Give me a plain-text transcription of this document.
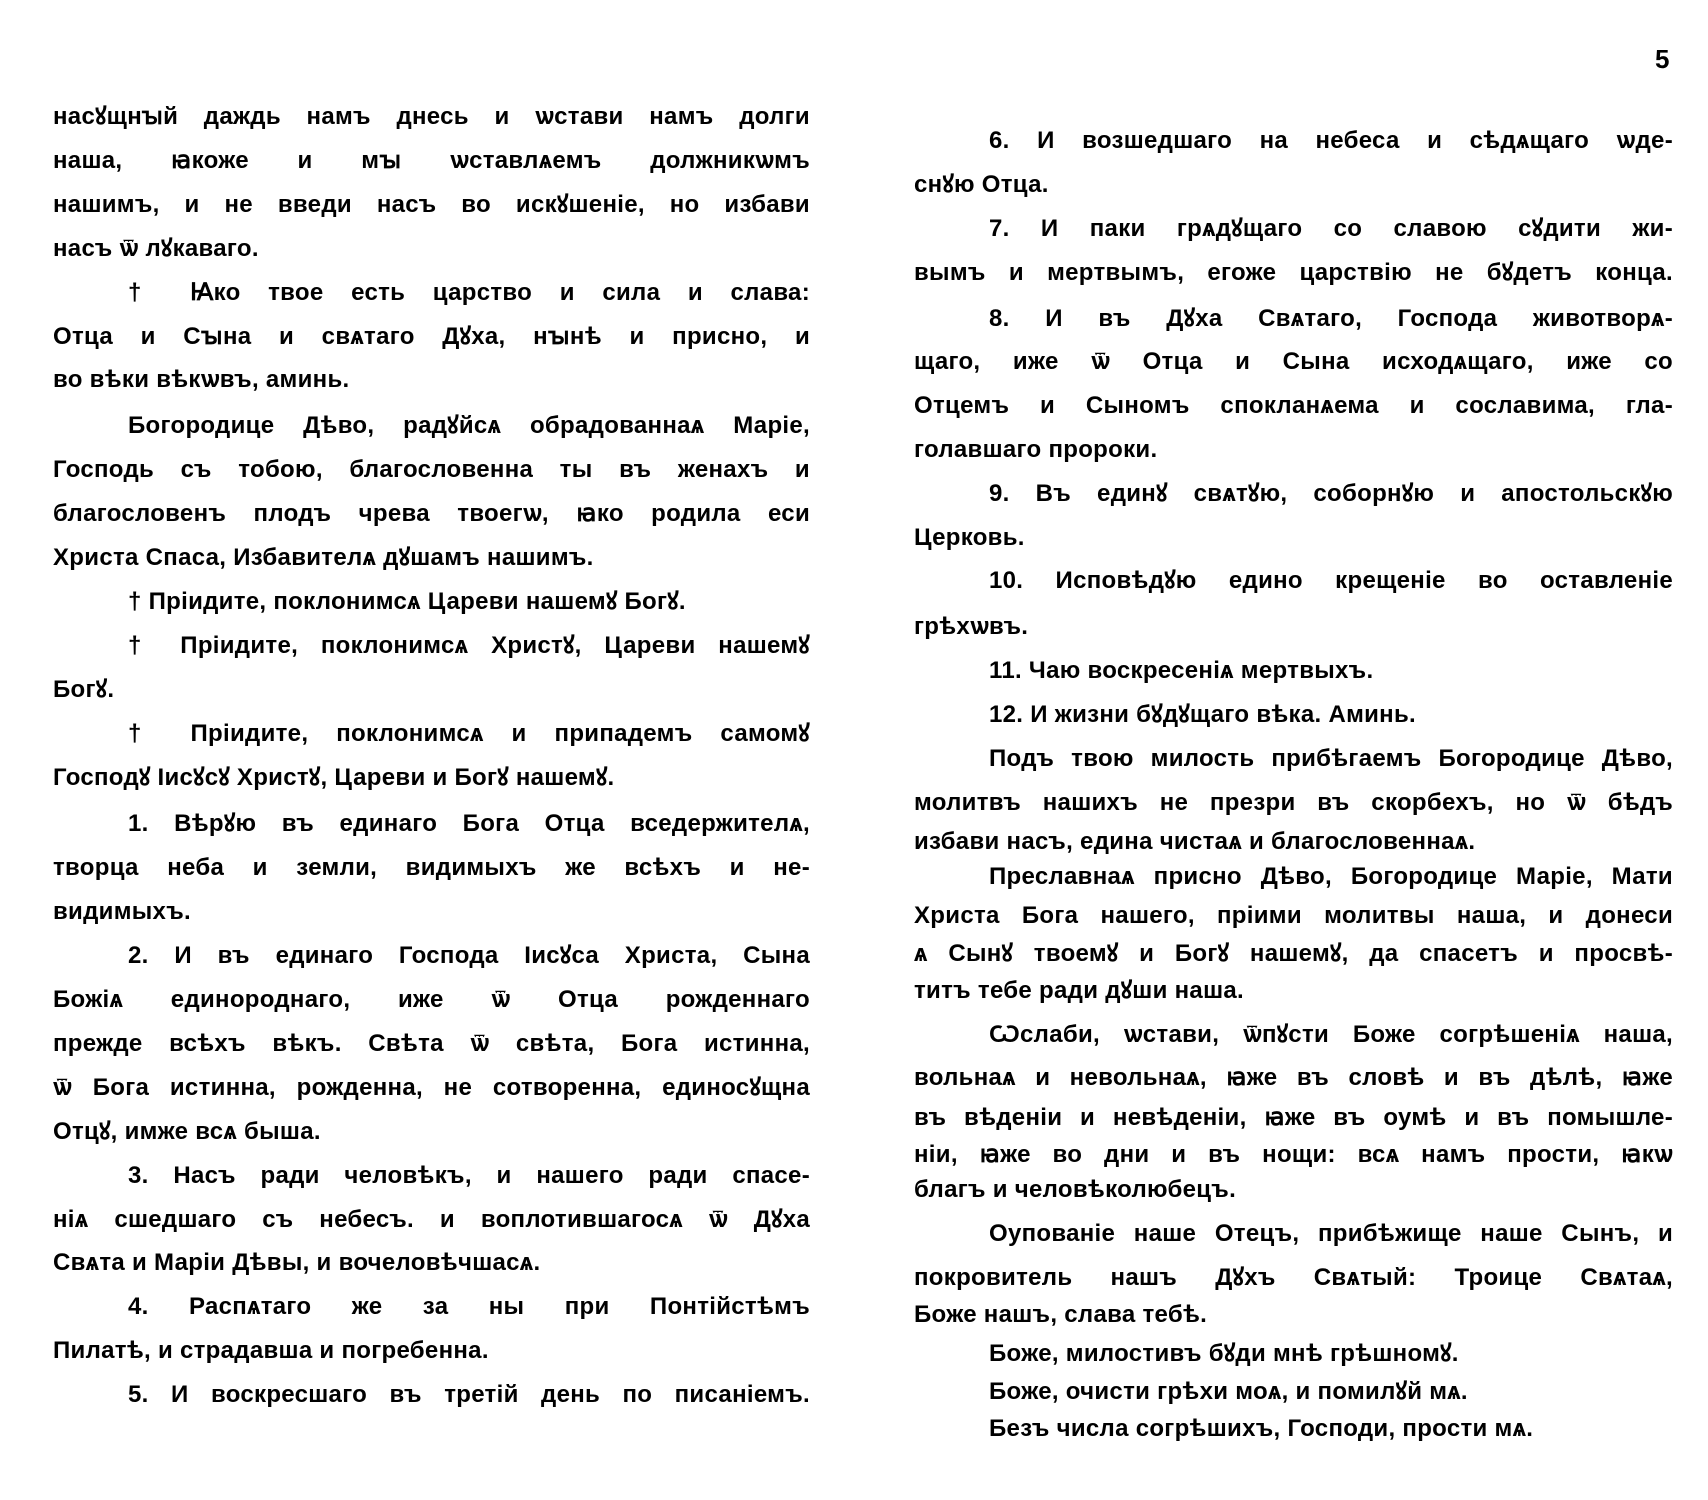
5
насꙋщнꙑй даждь намъ днесь и ѡстави намъ долги
наша, ꙗкоже и мꙑ ѡставлѧемъ должникѡмъ
нашимъ, и не введи насъ во искꙋшеніе, но избави
насъ ѿ лꙋкаваго.
† Ꙗко твое есть царство и сила и слава:
Отца и Сꙑна и свѧтаго Дꙋха, нꙑнѣ и присно, и
во вѣки вѣкѡвъ, аминь.
Богородице Дѣво, радꙋйсѧ обрадованнаѧ Маріе,
Господь съ тобою, благословенна ты въ женахъ и
благословенъ плодъ чрева твоегѡ, ꙗко родила еси
Христа Спаса, Избавителѧ дꙋшамъ нашимъ.
† Пріидите, поклонимсѧ Цареви нашемꙋ Богꙋ.
† Пріидите, поклонимсѧ Христꙋ, Цареви нашемꙋ
Богꙋ.
† Пріидите, поклонимсѧ и припадемъ самомꙋ
Господꙋ Іисꙋсꙋ Христꙋ, Цареви и Богꙋ нашемꙋ.
1. Вѣрꙋю въ единаго Бога Отца вседержителѧ,
творца неба и земли, видимыхъ же всѣхъ и не-
видимыхъ.
2. И въ единаго Господа Іисꙋса Христа, Сына
Божіѧ единороднаго, иже ѿ Отца рожденнаго
прежде всѣхъ вѣкъ. Свѣта ѿ свѣта, Бога истинна,
ѿ Бога истинна, рожденна, не сотворенна, единосꙋщна
Отцꙋ, имже всѧ быша.
3. Насъ ради человѣкъ, и нашего ради спасе-
ніѧ сшедшаго съ небесъ. и воплотившагосѧ ѿ Дꙋха
Свѧта и Маріи Дѣвы, и вочеловѣчшасѧ.
4. Распѧтаго же за ны при Понтійстѣмъ
Пилатѣ, и страдавша и погребенна.
5. И воскресшаго въ третій день по писаніемъ.
6. И возшедшаго на небеса и сѣдѧщаго ѡде-
снꙋю Отца.
7. И паки грѧдꙋщаго со славою сꙋдити жи-
вымъ и мертвымъ, егоже царствію не бꙋдетъ конца.
8. И въ Дꙋха Свѧтаго, Господа животворѧ-
щаго, иже ѿ Отца и Сына исходѧщаго, иже со
Отцемъ и Сыномъ спокланѧема и сославима, гла-
голавшаго пророки.
9. Въ единꙋ свѧтꙋю, соборнꙋю и апостольскꙋю
Церковь.
10. Исповѣдꙋю едино крещеніе во оставленіе
грѣхѡвъ.
11. Чаю воскресеніѧ мертвыхъ.
12. И жизни бꙋдꙋщаго вѣка. Аминь.
Подъ твою милость прибѣгаемъ Богородице Дѣво,
молитвъ нашихъ не презри въ скорбехъ, но ѿ бѣдъ
избави насъ, едина чистаѧ и благословеннаѧ.
Преславнаѧ присно Дѣво, Богородице Маріе, Мати
Христа Бога нашего, пріими молитвы наша, и донеси
ѧ Сынꙋ твоемꙋ и Богꙋ нашемꙋ, да спасетъ и просвѣ-
титъ тебе ради дꙋши наша.
Ѡслаби, ѡстави, ѿпꙋсти Боже согрѣшеніѧ наша,
вольнаѧ и невольнаѧ, ꙗже въ словѣ и въ дѣлѣ, ꙗже
въ вѣденіи и невѣденіи, ꙗже въ оумѣ и въ помышле-
ніи, ꙗже во дни и въ нощи: всѧ намъ прости, ꙗкѡ
благъ и человѣколюбецъ.
Оупованіе наше Отецъ, прибѣжище наше Сынъ, и
покровитель нашъ Дꙋхъ Свѧтый: Троице Свѧтаѧ,
Боже нашъ, слава тебѣ.
Боже, милостивъ бꙋди мнѣ грѣшномꙋ.
Боже, очисти грѣхи моѧ, и помилꙋй мѧ.
Безъ числа согрѣшихъ, Господи, прости мѧ.
